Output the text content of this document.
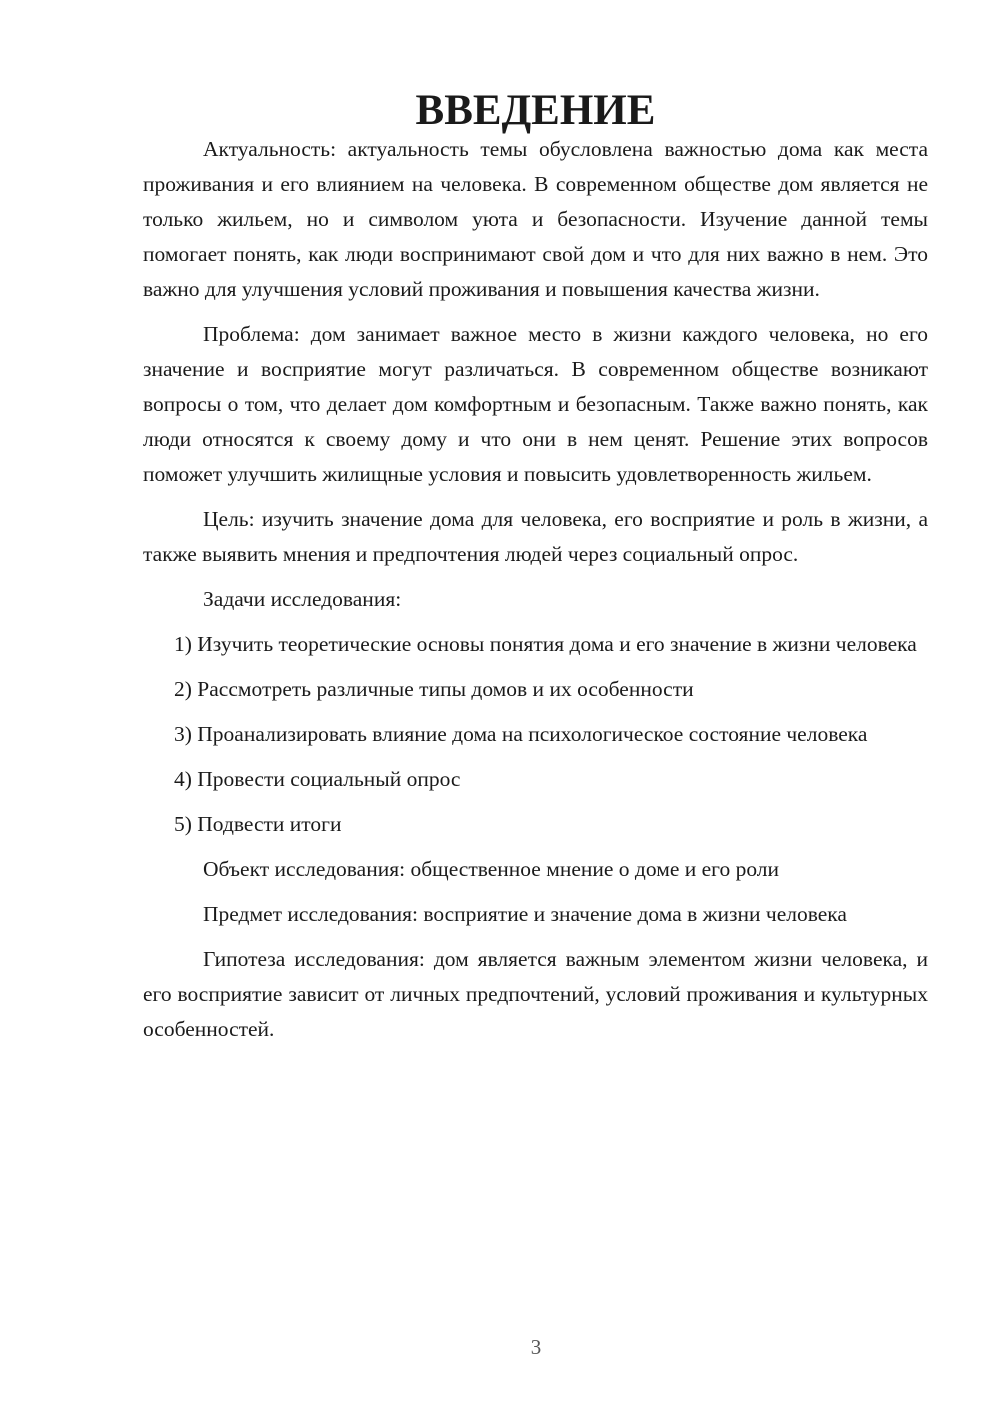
ВВЕДЕНИЕ

Актуальность: актуальность темы обусловлена важностью дома как места проживания и его влиянием на человека. В современном обществе дом является не только жильем, но и символом уюта и безопасности. Изучение данной темы помогает понять, как люди воспринимают свой дом и что для них важно в нем. Это важно для улучшения условий проживания и повышения качества жизни.

Проблема: дом занимает важное место в жизни каждого человека, но его значение и восприятие могут различаться. В современном обществе возникают вопросы о том, что делает дом комфортным и безопасным. Также важно понять, как люди относятся к своему дому и что они в нем ценят. Решение этих вопросов поможет улучшить жилищные условия и повысить удовлетворенность жильем.

Цель: изучить значение дома для человека, его восприятие и роль в жизни, а также выявить мнения и предпочтения людей через социальный опрос.

Задачи исследования:

1) Изучить теоретические основы понятия дома и его значение в жизни человека

2) Рассмотреть различные типы домов и их особенности

3) Проанализировать влияние дома на психологическое состояние человека

4) Провести социальный опрос

5) Подвести итоги

Объект исследования: общественное мнение о доме и его роли

Предмет исследования: восприятие и значение дома в жизни человека

Гипотеза исследования: дом является важным элементом жизни человека, и его восприятие зависит от личных предпочтений, условий проживания и культурных особенностей.

3
